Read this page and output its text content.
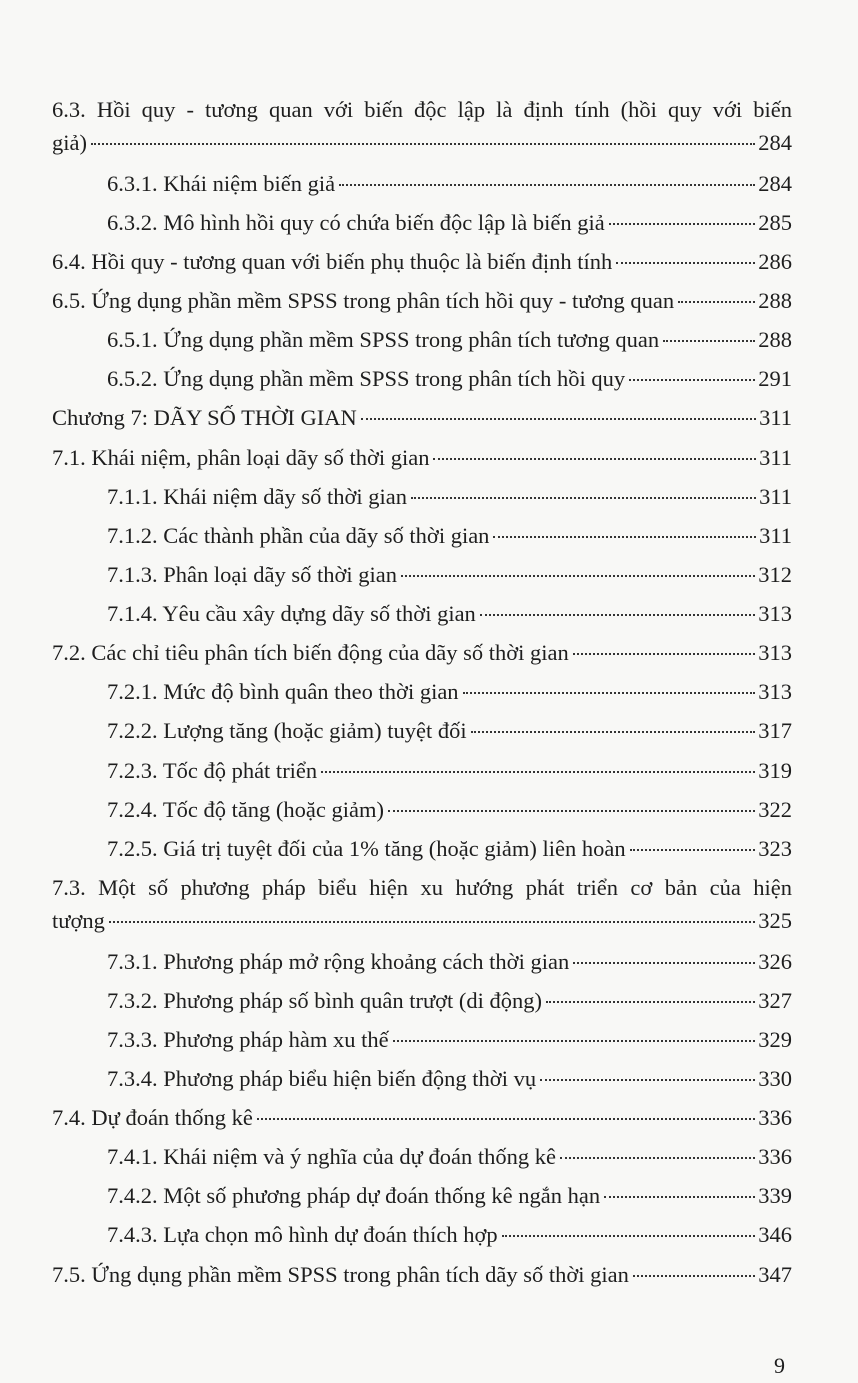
6.3. Hồi quy - tương quan với biến độc lập là định tính (hồi quy với biến
giả)	284
6.3.1. Khái niệm biến giả	284
6.3.2. Mô hình hồi quy có chứa biến độc lập là biến giả	285
6.4. Hồi quy - tương quan với biến phụ thuộc là biến định tính	286
6.5. Ứng dụng phần mềm SPSS trong phân tích hồi quy - tương quan	288
6.5.1. Ứng dụng phần mềm SPSS trong phân tích tương quan	288
6.5.2. Ứng dụng phần mềm SPSS trong phân tích hồi quy	291
Chương 7: DÃY SỐ THỜI GIAN	311
7.1. Khái niệm, phân loại dãy số thời gian	311
7.1.1. Khái niệm dãy số thời gian	311
7.1.2. Các thành phần của dãy số thời gian	311
7.1.3. Phân loại dãy số thời gian	312
7.1.4. Yêu cầu xây dựng dãy số thời gian	313
7.2. Các chỉ tiêu phân tích biến động của dãy số thời gian	313
7.2.1. Mức độ bình quân theo thời gian	313
7.2.2. Lượng tăng (hoặc giảm) tuyệt đối	317
7.2.3. Tốc độ phát triển	319
7.2.4. Tốc độ tăng (hoặc giảm)	322
7.2.5. Giá trị tuyệt đối của 1% tăng (hoặc giảm) liên hoàn	323
7.3. Một số phương pháp biểu hiện xu hướng phát triển cơ bản của hiện
tượng	325
7.3.1. Phương pháp mở rộng khoảng cách thời gian	326
7.3.2. Phương pháp số bình quân trượt (di động)	327
7.3.3. Phương pháp hàm xu thế	329
7.3.4. Phương pháp biểu hiện biến động thời vụ	330
7.4. Dự đoán thống kê	336
7.4.1. Khái niệm và ý nghĩa của dự đoán thống kê	336
7.4.2. Một số phương pháp dự đoán thống kê ngắn hạn	339
7.4.3. Lựa chọn mô hình dự đoán thích hợp	346
7.5. Ứng dụng phần mềm SPSS trong phân tích dãy số thời gian	347
9
